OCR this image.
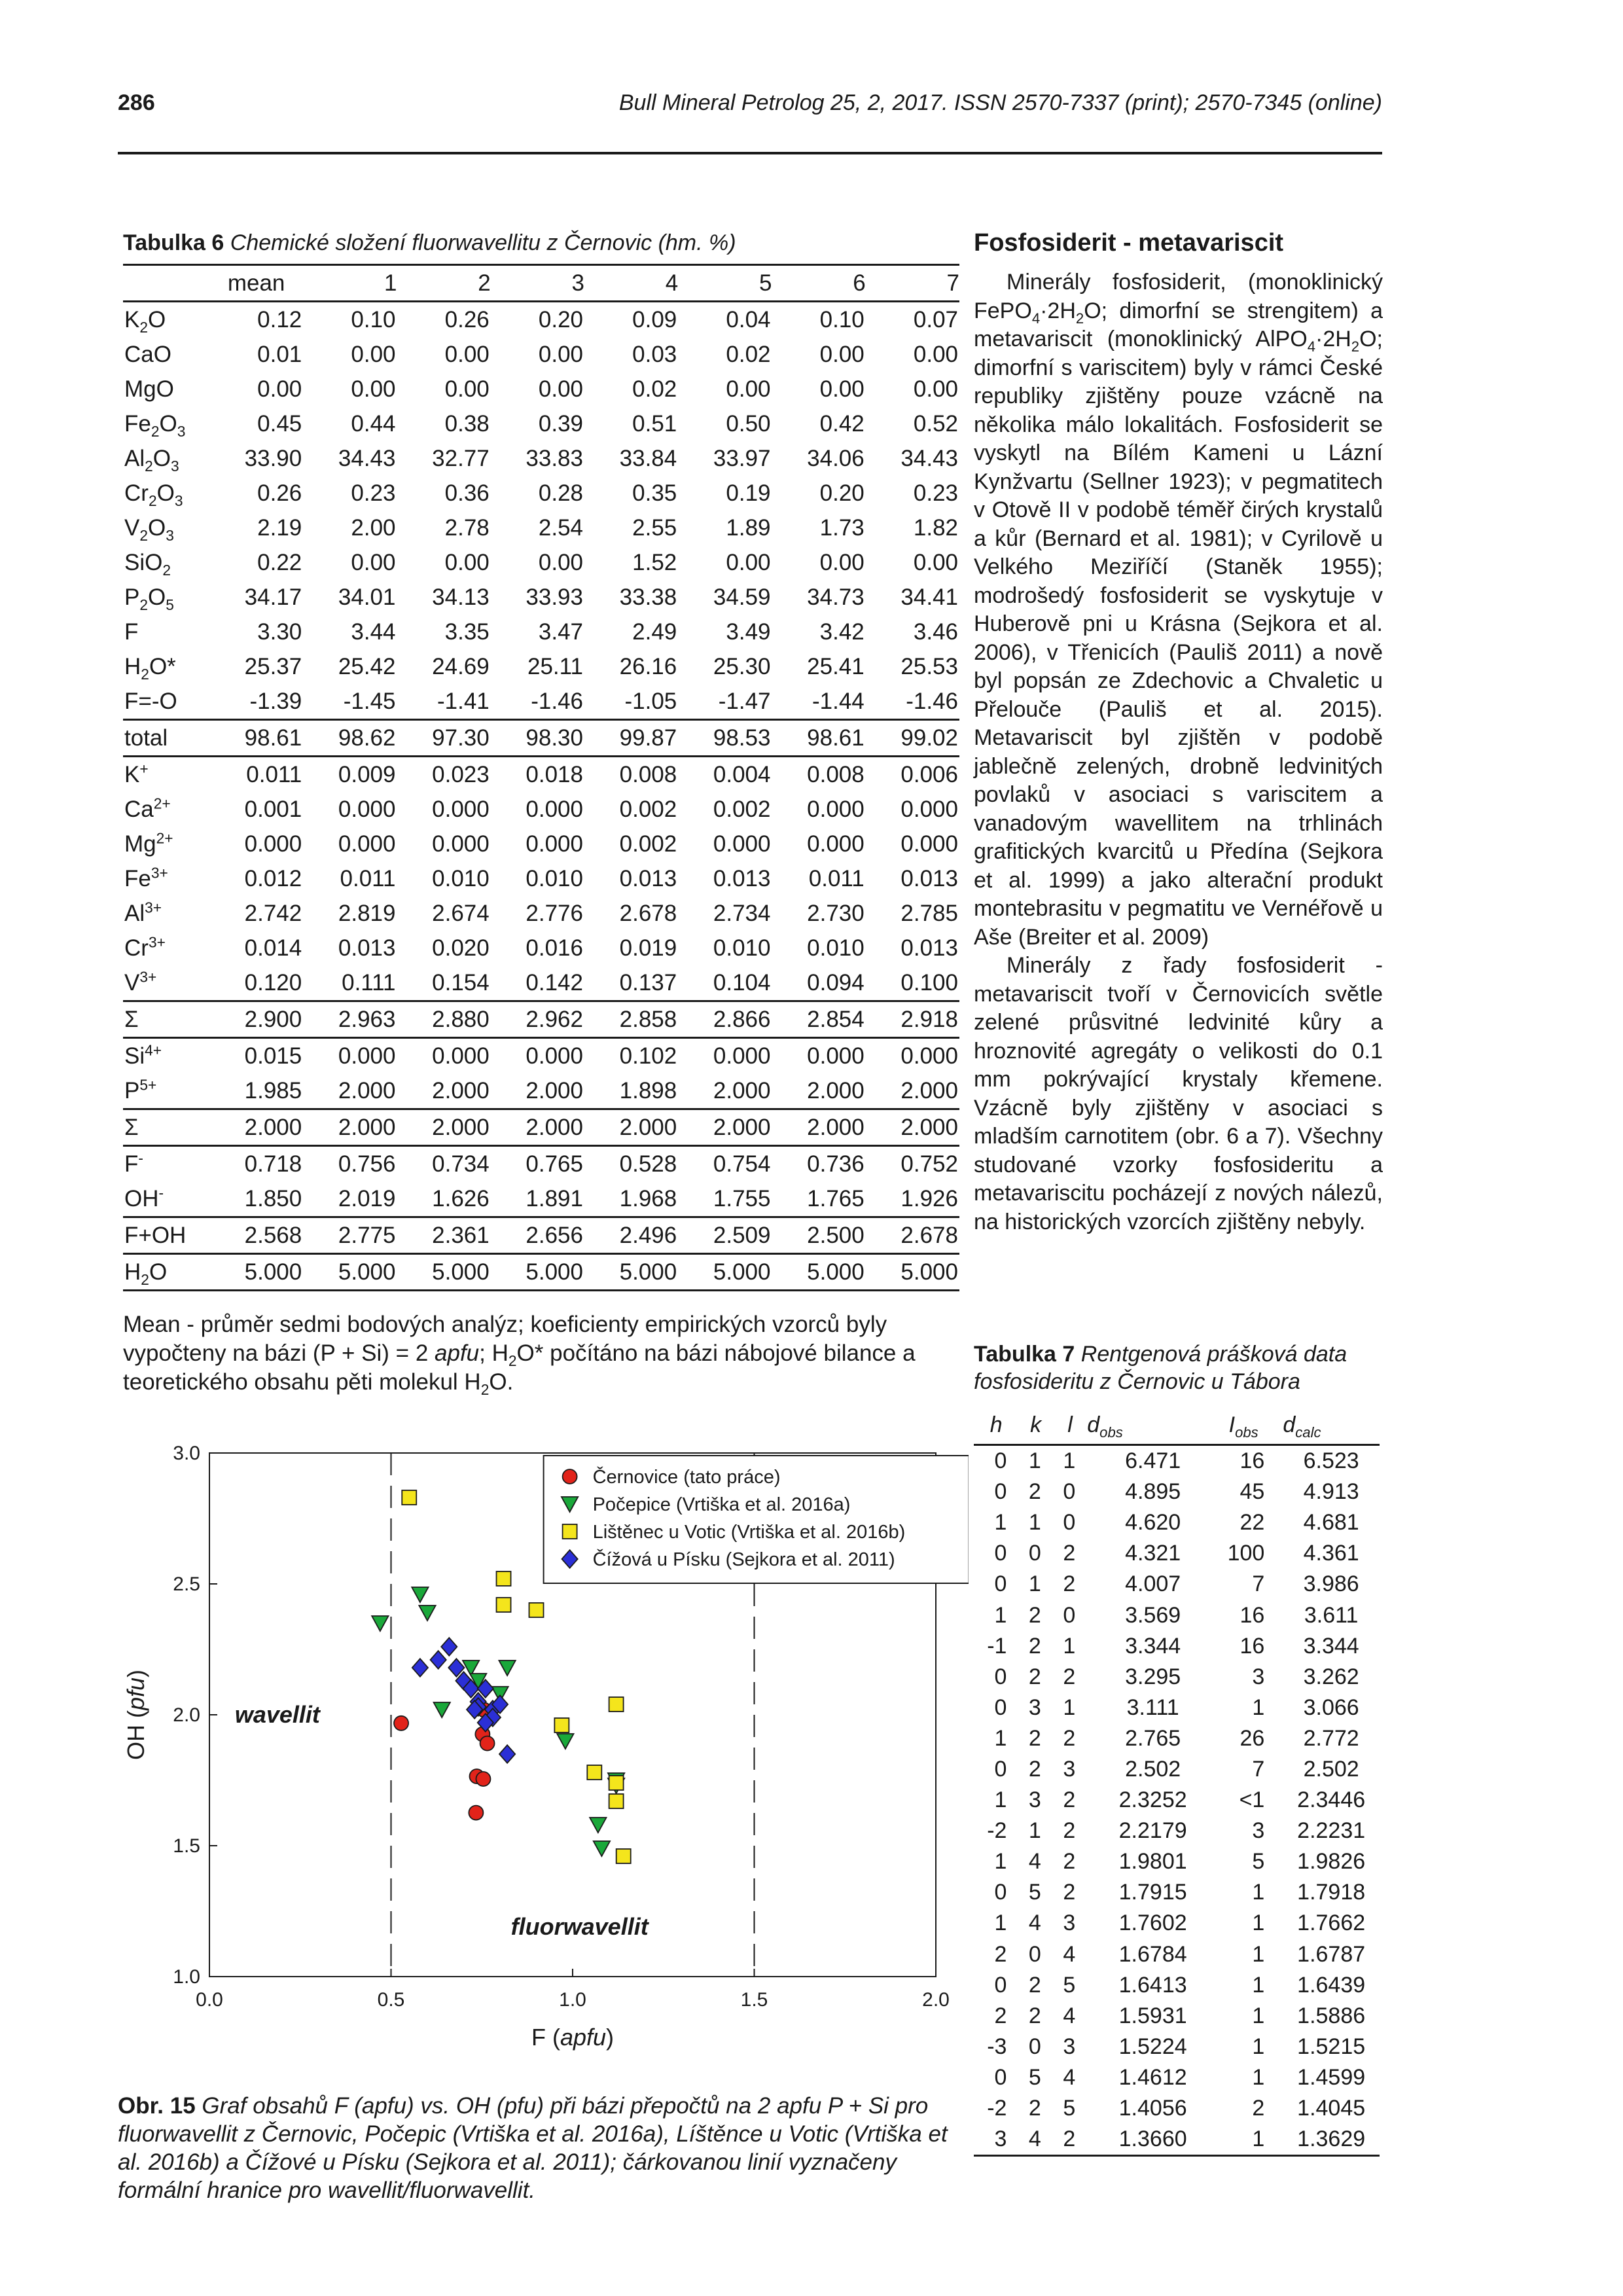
286	Bull Mineral Petrolog 25, 2, 2017. ISSN 2570-7337 (print); 2570-7345 (online)
Tabulka 6 Chemické složení fluorwavellitu z Černovic (hm. %)
	mean	1	2	3	4	5	6	7
$K_2O$	0.12	0.10	0.26	0.20	0.09	0.04	0.10	0.07
CaO	0.01	0.00	0.00	0.00	0.03	0.02	0.00	0.00
MgO	0.00	0.00	0.00	0.00	0.02	0.00	0.00	0.00
$Fe_2O_3$	0.45	0.44	0.38	0.39	0.51	0.50	0.42	0.52
$Al_2O_3$	33.90	34.43	32.77	33.83	33.84	33.97	34.06	34.43
$Cr_2O_3$	0.26	0.23	0.36	0.28	0.35	0.19	0.20	0.23
$V_2O_3$	2.19	2.00	2.78	2.54	2.55	1.89	1.73	1.82
SiO$_2$	0.22	0.00	0.00	0.00	1.52	0.00	0.00	0.00
$P_2O_5$	34.17	34.01	34.13	33.93	33.38	34.59	34.73	34.41
F	3.30	3.44	3.35	3.47	2.49	3.49	3.42	3.46
$H_2O*$	25.37	25.42	24.69	25.11	26.16	25.30	25.41	25.53
F=-O	-1.39	-1.45	-1.41	-1.46	-1.05	-1.47	-1.44	-1.46
total	98.61	98.62	97.30	98.30	99.87	98.53	98.61	99.02
K+	0.011	0.009	0.023	0.018	0.008	0.004	0.008	0.006
$Ca^{2+}$	0.001	0.000	0.000	0.000	0.002	0.002	0.000	0.000
$Mg^{2+}$	0.000	0.000	0.000	0.000	0.002	0.000	0.000	0.000
$Fe^{3+}$	0.012	0.011	0.010	0.010	0.013	0.013	0.011	0.013
$Al^{3+}$	2.742	2.819	2.674	2.776	2.678	2.734	2.730	2.785
$Cr^{3+}$	0.014	0.013	0.020	0.016	0.019	0.010	0.010	0.013
$V^{3+}$	0.120	0.111	0.154	0.142	0.137	0.104	0.094	0.100
Σ	2.900	2.963	2.880	2.962	2.858	2.866	2.854	2.918
$Si^{4+}$	0.015	0.000	0.000	0.000	0.102	0.000	0.000	0.000
$P^{5+}$	1.985	2.000	2.000	2.000	1.898	2.000	2.000	2.000
Σ	2.000	2.000	2.000	2.000	2.000	2.000	2.000	2.000
F-	0.718	0.756	0.734	0.765	0.528	0.754	0.736	0.752
OH-	1.850	2.019	1.626	1.891	1.968	1.755	1.765	1.926
F+OH	2.568	2.775	2.361	2.656	2.496	2.509	2.500	2.678
$H_2O$	5.000	5.000	5.000	5.000	5.000	5.000	5.000	5.000
Mean - průměr sedmi bodových analýz; koeficienty empirických vzorců byly vypočteny na bázi (P + Si) = 2 apfu; $H_2O*$ počítáno na bázi nábojové bilance a teoretického obsahu pěti molekul $H_2O$.
Fosfosiderit - metavariscit

Minerály fosfosiderit, (monoklinický $FePO_4\cdot 2H_2O$; dimorfní se strengitem) a metavariscit (monoklinický $AlPO_4\cdot 2H_2O$; dimorfní s variscitem) byly v rámci České republiky zjištěny pouze vzácně na několika málo lokalitách. Fosfosiderit se vyskytl na Bílém Kameni u Lázní Kynžvartu (Sellner 1923); v pegmatitech v Otově II v podobě téměř čirých krystalů a kůr (Bernard et al. 1981); v Cyrilově u Velkého Meziříčí (Staněk 1955); modrošedý fosfosiderit se vyskytuje v Huberově pni u Krásna (Sejkora et al. 2006), v Třenicích (Pauliš 2011) a nově byl popsán ze Zdechovic a Chvaletic u Přelouče (Pauliš et al. 2015). Metavariscit byl zjištěn v podobě jablečně zelených, drobně ledvinitých povlaků v asociaci s variscitem a vanadovým wavellitem na trhlinách grafitických kvarcitů u Předína (Sejkora et al. 1999) a jako alterační produkt montebrasitu v pegmatitu ve Vernéřově u Aše (Breiter et al. 2009)

Minerály z řady fosfosiderit - metavariscit tvoří v Černovicích světle zelené průsvitné ledvinité kůry a hroznovité agregáty o velikosti do 0.1 mm pokrývající krystaly křemene. Vzácně byly zjištěny v asociaci s mladším carnotitem (obr. 6 a 7). Všechny studované vzorky fosfosideritu a metavariscitu pocházejí z nových nálezů, na historických vzorcích zjištěny nebyly.

Tabulka 7 Rentgenová prášková data fosfosideritu z Černovic u Tábora
h	k	l	$d_{obs}$	$I_{obs}$	$d_{calc}$
0	1	1	6.471	16	6.523
0	2	0	4.895	45	4.913
1	1	0	4.620	22	4.681
0	0	2	4.321	100	4.361
0	1	2	4.007	7	3.986
1	2	0	3.569	16	3.611
-1	2	1	3.344	16	3.344
0	2	2	3.295	3	3.262
0	3	1	3.111	1	3.066
1	2	2	2.765	26	2.772
0	2	3	2.502	7	2.502
1	3	2	2.3252	<1	2.3446
-2	1	2	2.2179	3	2.2231
1	4	2	1.9801	5	1.9826
0	5	2	1.7915	1	1.7918
1	4	3	1.7602	1	1.7662
2	0	4	1.6784	1	1.6787
0	2	5	1.6413	1	1.6439
2	2	4	1.5931	1	1.5886
-3	0	3	1.5224	1	1.5215
0	5	4	1.4612	1	1.4599
-2	2	5	1.4056	2	1.4045
3	4	2	1.3660	1	1.3629
0.0	0.5	1.0	1.5	2.0
1.0
1.5
2.0
2.5
3.0
F (apfu)
OH (pfu)
wavellit
fluorwavellit
Černovice (tato práce)
Počepice (Vrtiška et al. 2016a)
Lištěnec u Votic (Vrtiška et al. 2016b)
Čížová u Písku (Sejkora et al. 2011)
Obr. 15 Graf obsahů F (apfu) vs. OH (pfu) při bázi přepočtů na 2 apfu P + Si pro fluorwavellit z Černovic, Počepic (Vrtiška et al. 2016a), Líštěnce u Votic (Vrtiška et al. 2016b) a Čížové u Písku (Sejkora et al. 2011); čárkovanou linií vyznačeny formální hranice pro wavellit/fluorwavellit.
